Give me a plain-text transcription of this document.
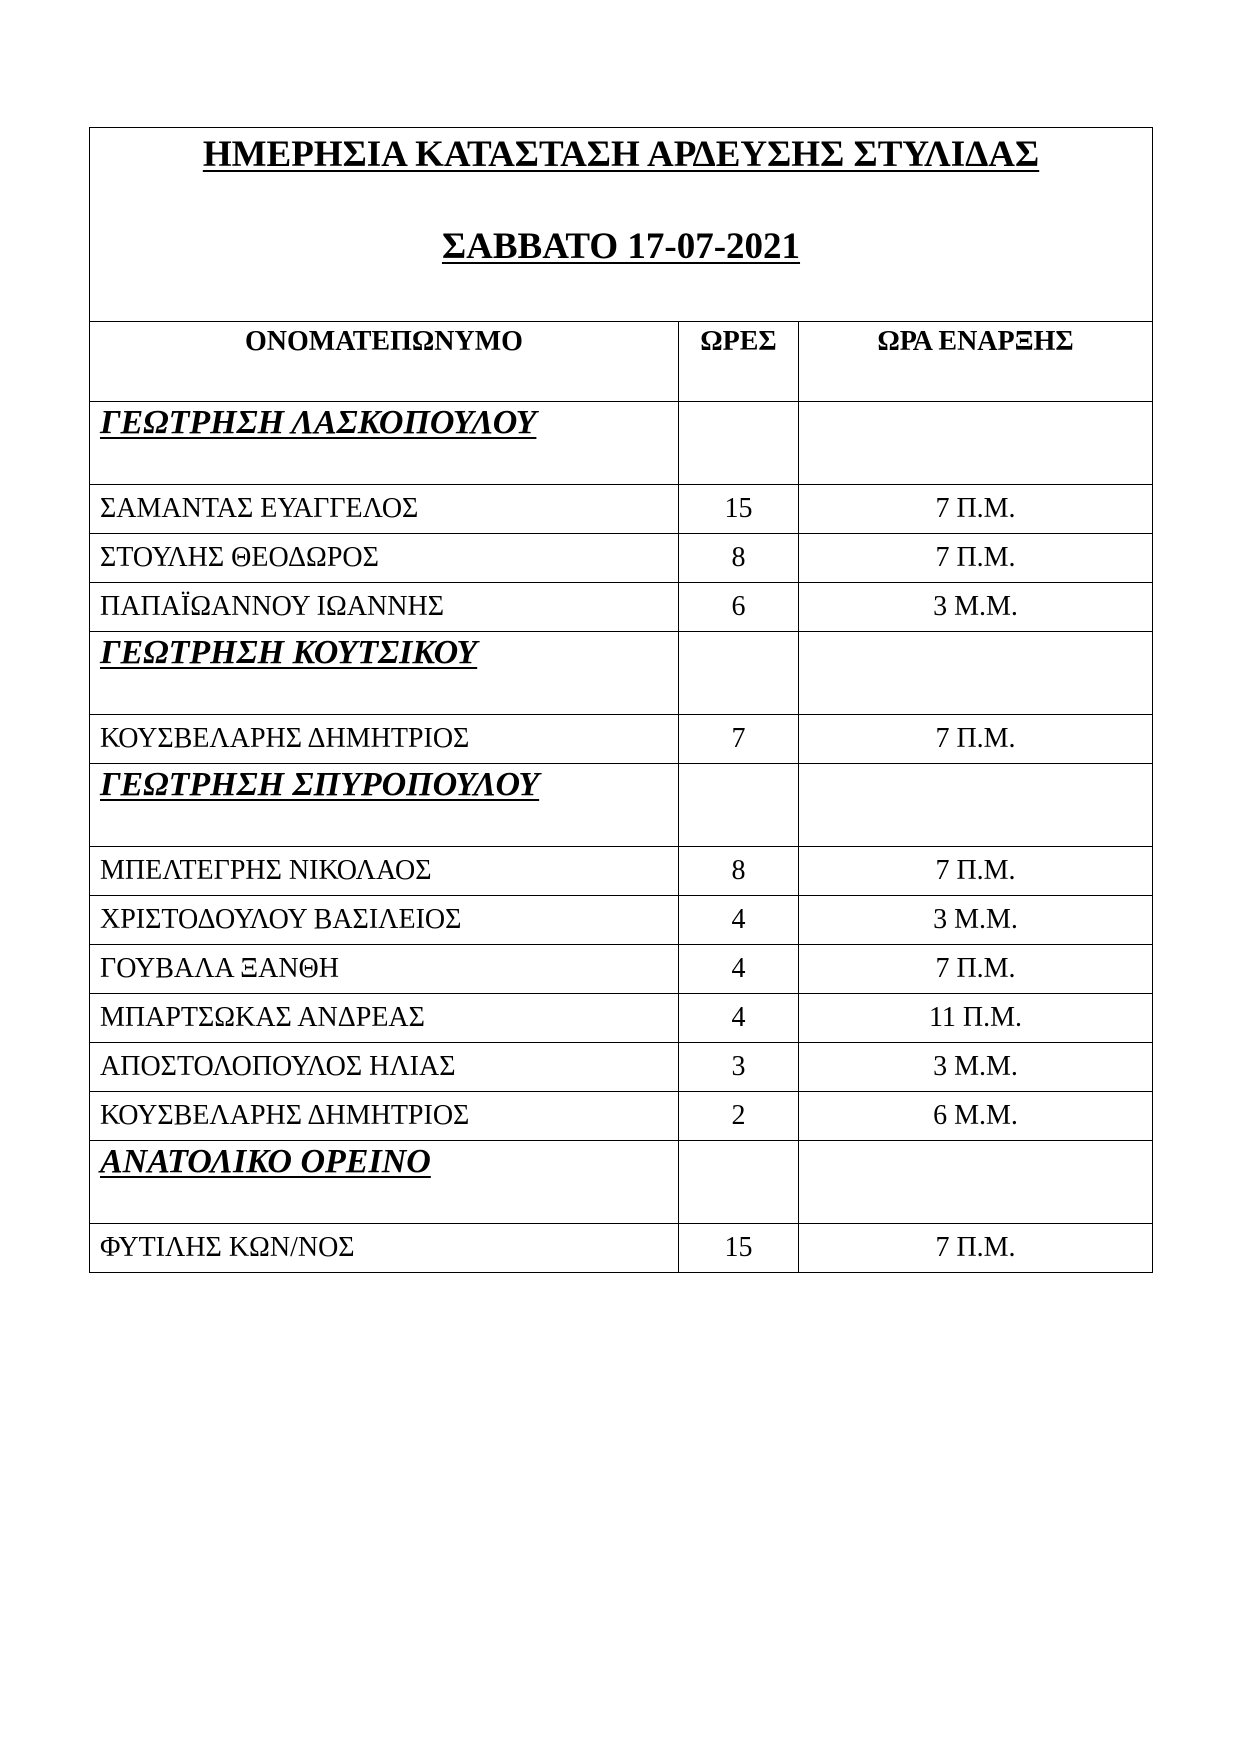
ΗΜΕΡΗΣΙΑ ΚΑΤΑΣΤΑΣΗ ΑΡΔΕΥΣΗΣ ΣΤΥΛΙΔΑΣ
ΣΑΒΒΑΤΟ 17-07-2021		

ΟΝΟΜΑΤΕΠΩΝΥΜΟ	ΩΡΕΣ	ΩΡΑ ΕΝΑΡΞΗΣ

ΓΕΩΤΡΗΣΗ ΛΑΣΚΟΠΟΥΛΟΥ		

ΣΑΜΑΝΤΑΣ ΕΥΑΓΓΕΛΟΣ	15	7 Π.Μ.
ΣΤΟΥΛΗΣ ΘΕΟΔΩΡΟΣ	8	7 Π.Μ.
ΠΑΠΑΪΩΑΝΝΟΥ ΙΩΑΝΝΗΣ	6	3 Μ.Μ.

ΓΕΩΤΡΗΣΗ ΚΟΥΤΣΙΚΟΥ		

ΚΟΥΣΒΕΛΑΡΗΣ ΔΗΜΗΤΡΙΟΣ	7	7 Π.Μ.

ΓΕΩΤΡΗΣΗ ΣΠΥΡΟΠΟΥΛΟΥ		

ΜΠΕΛΤΕΓΡΗΣ ΝΙΚΟΛΑΟΣ	8	7 Π.Μ.
ΧΡΙΣΤΟΔΟΥΛΟΥ ΒΑΣΙΛΕΙΟΣ	4	3 Μ.Μ.
ΓΟΥΒΑΛΑ ΞΑΝΘΗ	4	7 Π.Μ.
ΜΠΑΡΤΣΩΚΑΣ ΑΝΔΡΕΑΣ	4	11 Π.Μ.
ΑΠΟΣΤΟΛΟΠΟΥΛΟΣ ΗΛΙΑΣ	3	3 Μ.Μ.
ΚΟΥΣΒΕΛΑΡΗΣ ΔΗΜΗΤΡΙΟΣ	2	6 Μ.Μ.

ΑΝΑΤΟΛΙΚΟ ΟΡΕΙΝΟ		

ΦΥΤΙΛΗΣ ΚΩΝ/ΝΟΣ	15	7 Π.Μ.
